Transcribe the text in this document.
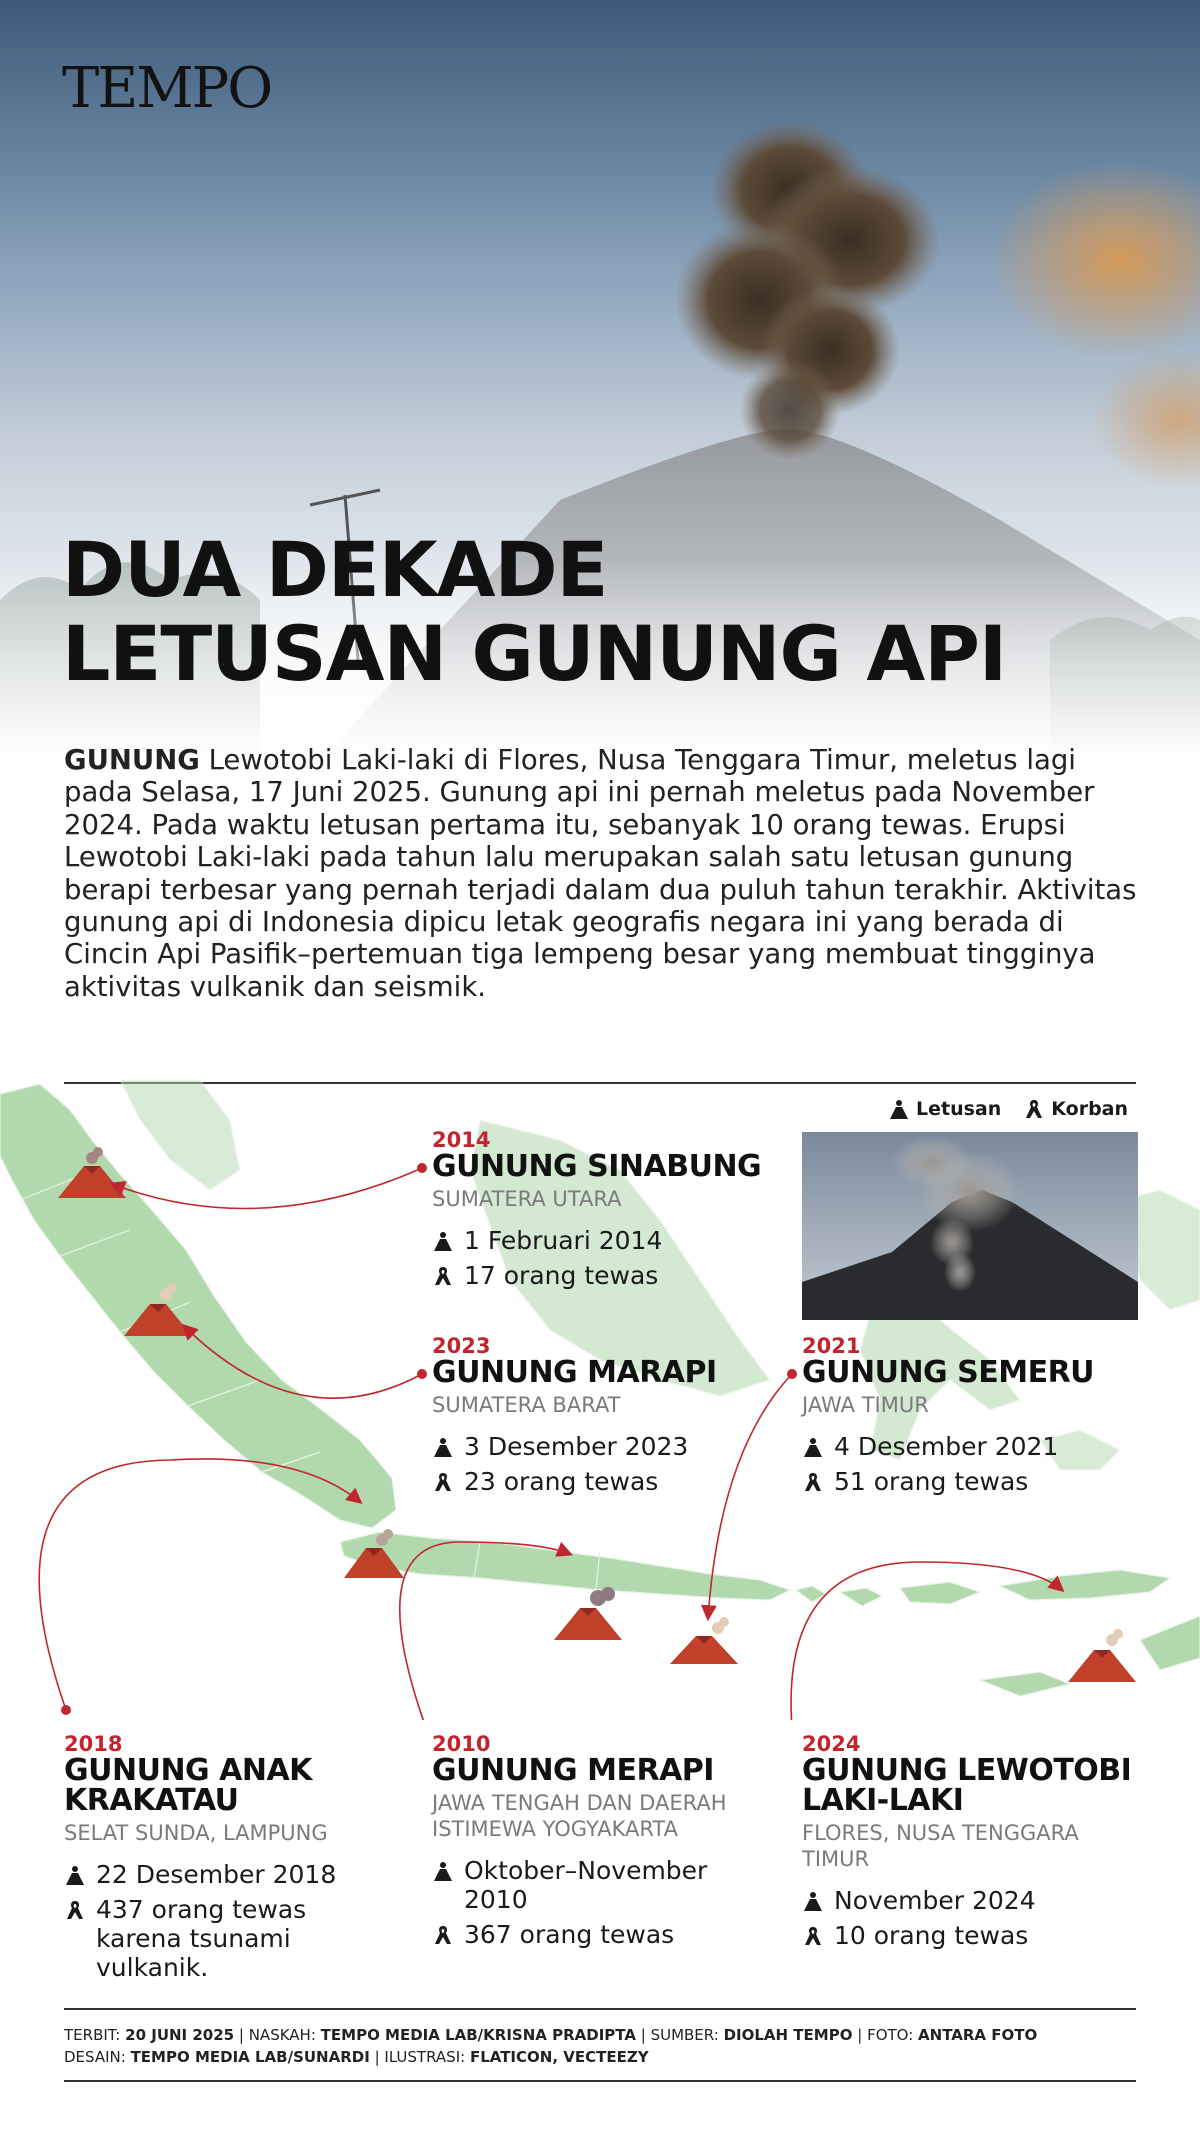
TEMPO
DUA DEKADE
LETUSAN GUNUNG API
GUNUNG Lewotobi Laki-laki di Flores, Nusa Tenggara Timur, meletus lagi pada Selasa, 17 Juni 2025. Gunung api ini pernah meletus pada November 2024. Pada waktu letusan pertama itu, sebanyak 10 orang tewas. Erupsi Lewotobi Laki-laki pada tahun lalu merupakan salah satu letusan gunung berapi terbesar yang pernah terjadi dalam dua puluh tahun terakhir. Aktivitas gunung api di Indonesia dipicu letak geografis negara ini yang berada di Cincin Api Pasifik–pertemuan tiga lempeng besar yang membuat tingginya aktivitas vulkanik dan seismik.
Letusan	Korban
2014
GUNUNG SINABUNG
SUMATERA UTARA
1 Februari 2014
17 orang tewas
2023
GUNUNG MARAPI
SUMATERA BARAT
3 Desember 2023
23 orang tewas
2021
GUNUNG SEMERU
JAWA TIMUR
4 Desember 2021
51 orang tewas
2018
GUNUNG ANAK
KRAKATAU
SELAT SUNDA, LAMPUNG
22 Desember 2018
437 orang tewas karena tsunami vulkanik.
2010
GUNUNG MERAPI
JAWA TENGAH DAN DAERAH ISTIMEWA YOGYAKARTA
Oktober–November 2010
367 orang tewas
2024
GUNUNG LEWOTOBI
LAKI-LAKI
FLORES, NUSA TENGGARA TIMUR
November 2024
10 orang tewas
TERBIT: 20 JUNI 2025 | NASKAH: TEMPO MEDIA LAB/KRISNA PRADIPTA | SUMBER: DIOLAH TEMPO | FOTO: ANTARA FOTO
DESAIN: TEMPO MEDIA LAB/SUNARDI | ILUSTRASI: FLATICON, VECTEEZY
